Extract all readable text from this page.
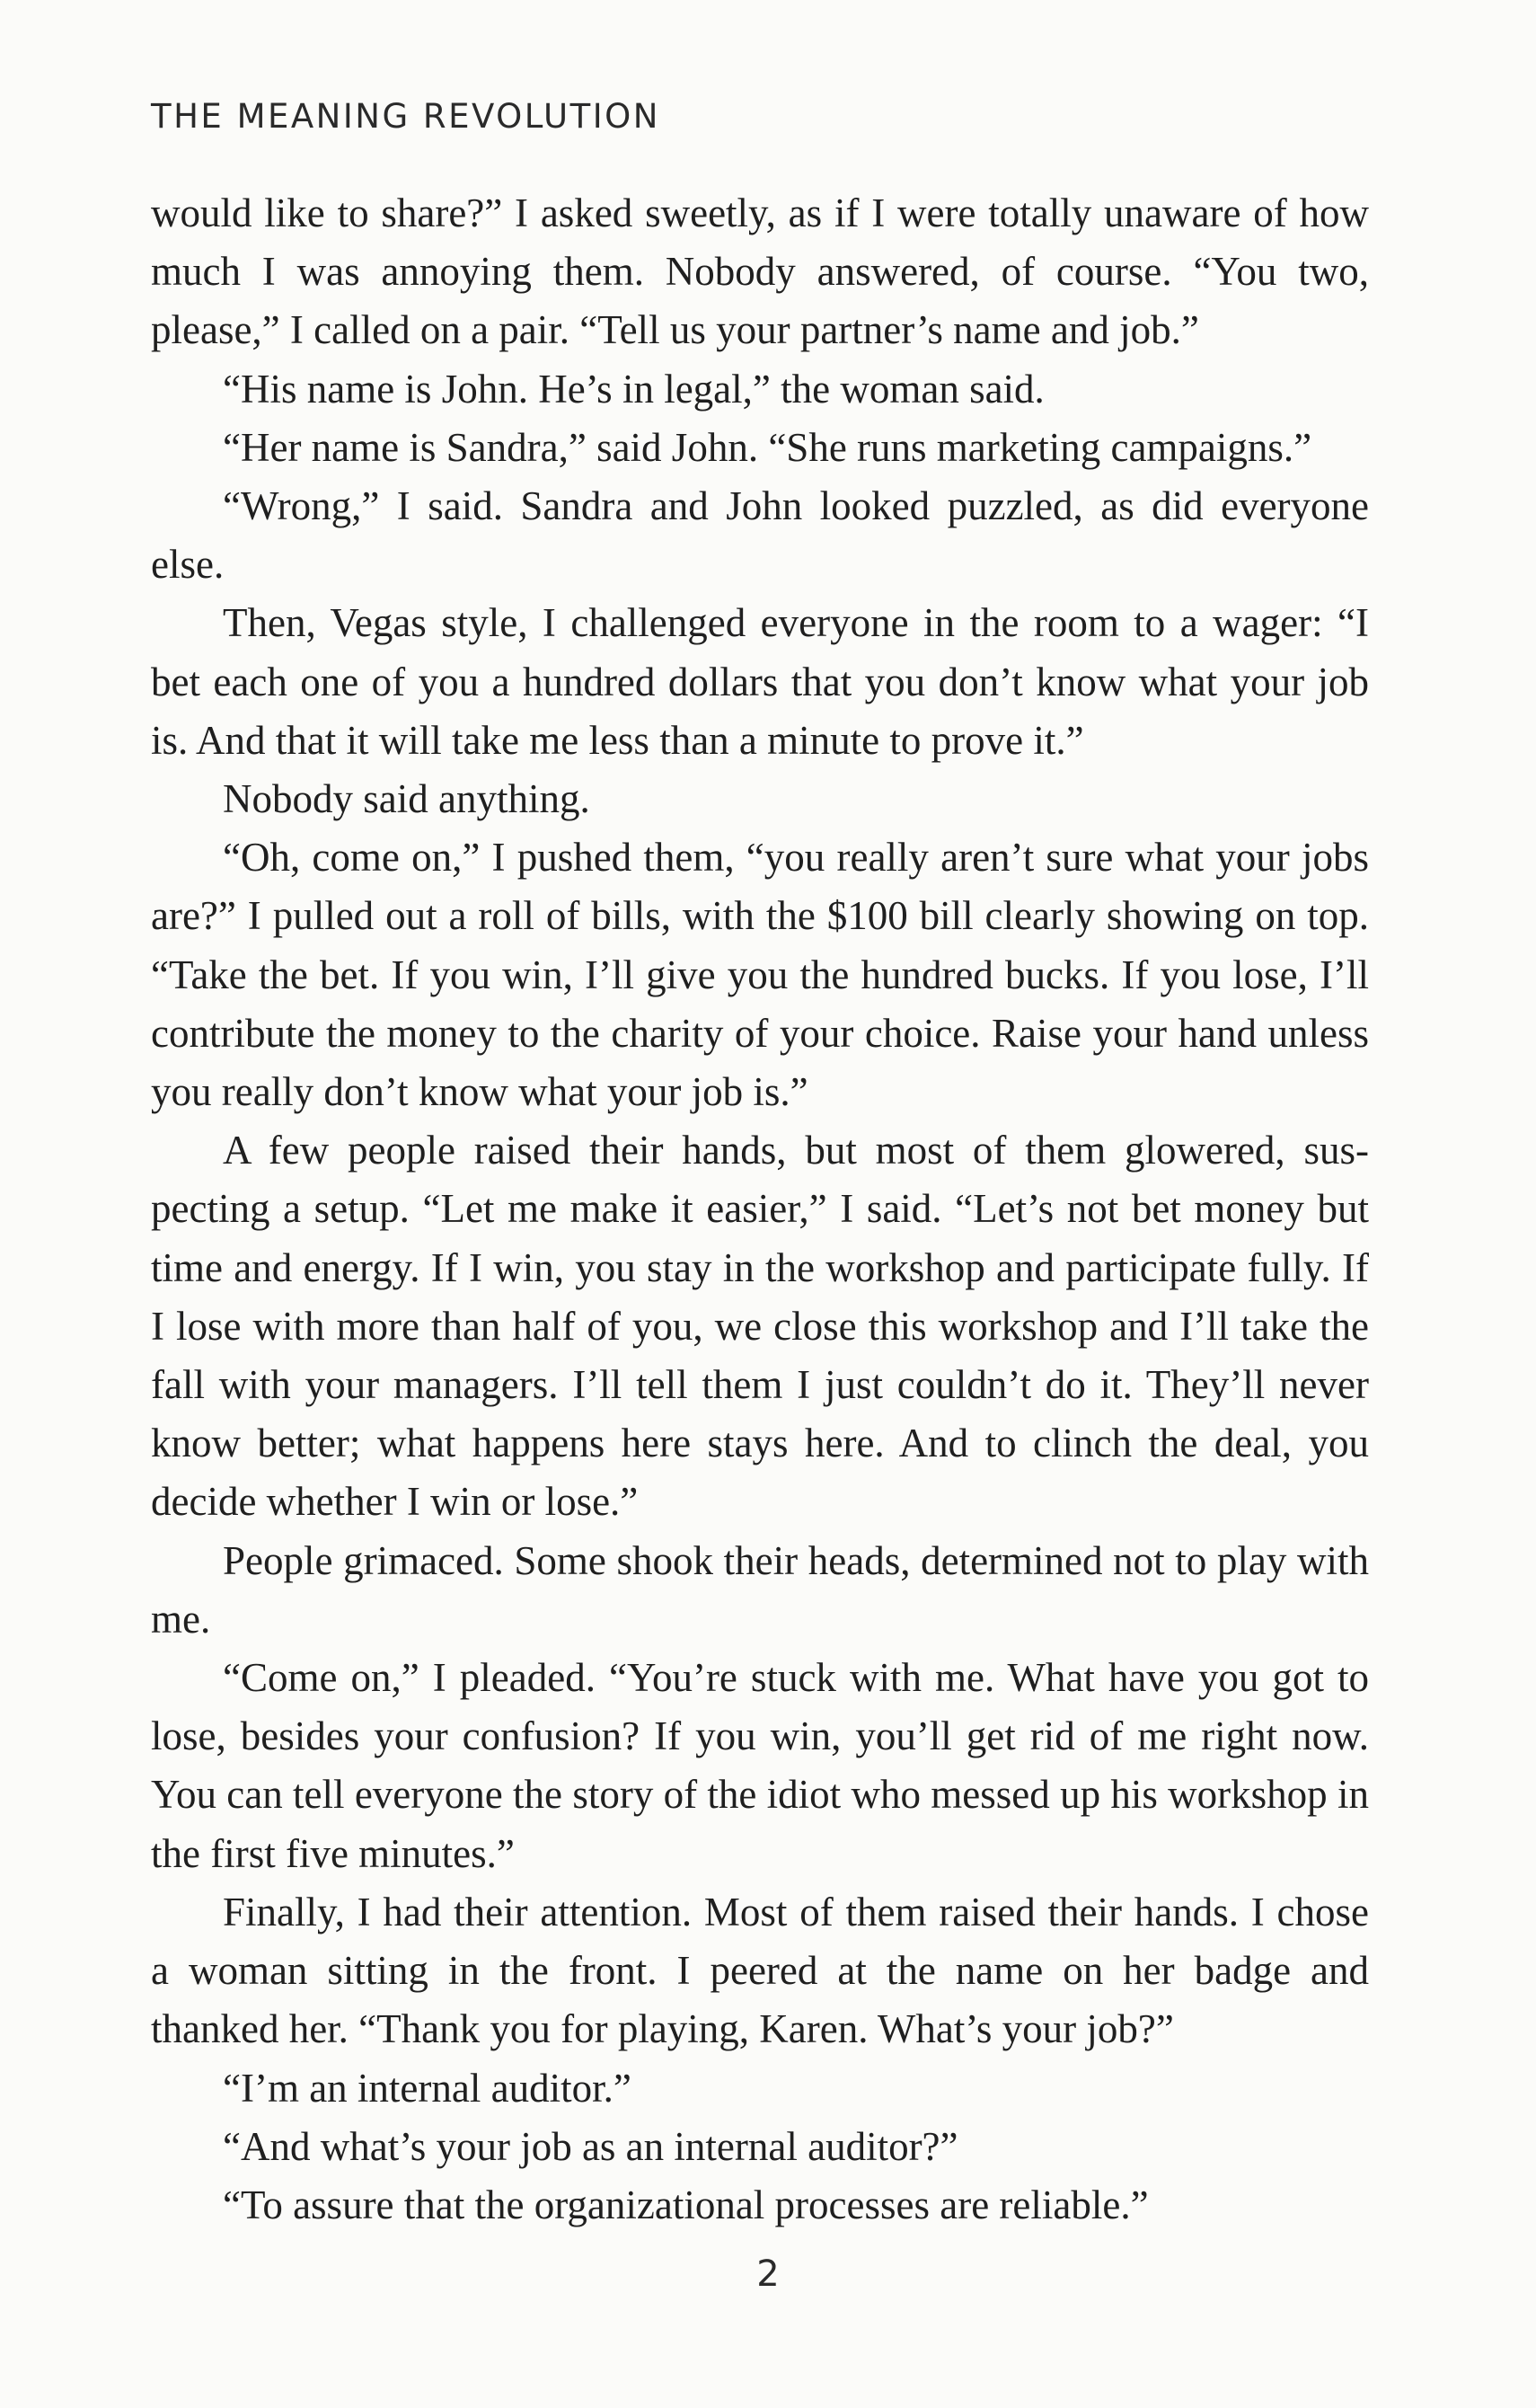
THE MEANING REVOLUTION

would like to share?” I asked sweetly, as if I were totally unaware of how much I was annoying them. Nobody answered, of course. “You two, please,” I called on a pair. “Tell us your partner’s name and job.”

“His name is John. He’s in legal,” the woman said.

“Her name is Sandra,” said John. “She runs marketing campaigns.”

“Wrong,” I said. Sandra and John looked puzzled, as did everyone else.

Then, Vegas style, I challenged everyone in the room to a wager: “I bet each one of you a hundred dollars that you don’t know what your job is. And that it will take me less than a minute to prove it.”

Nobody said anything.

“Oh, come on,” I pushed them, “you really aren’t sure what your jobs are?” I pulled out a roll of bills, with the $100 bill clearly showing on top. “Take the bet. If you win, I’ll give you the hundred bucks. If you lose, I’ll contribute the money to the charity of your choice. Raise your hand unless you really don’t know what your job is.”

A few people raised their hands, but most of them glowered, suspecting a setup. “Let me make it easier,” I said. “Let’s not bet money but time and energy. If I win, you stay in the workshop and participate fully. If I lose with more than half of you, we close this workshop and I’ll take the fall with your managers. I’ll tell them I just couldn’t do it. They’ll never know better; what happens here stays here. And to clinch the deal, you decide whether I win or lose.”

People grimaced. Some shook their heads, determined not to play with me.

“Come on,” I pleaded. “You’re stuck with me. What have you got to lose, besides your confusion? If you win, you’ll get rid of me right now. You can tell everyone the story of the idiot who messed up his workshop in the first five minutes.”

Finally, I had their attention. Most of them raised their hands. I chose a woman sitting in the front. I peered at the name on her badge and thanked her. “Thank you for playing, Karen. What’s your job?”

“I’m an internal auditor.”

“And what’s your job as an internal auditor?”

“To assure that the organizational processes are reliable.”

2
